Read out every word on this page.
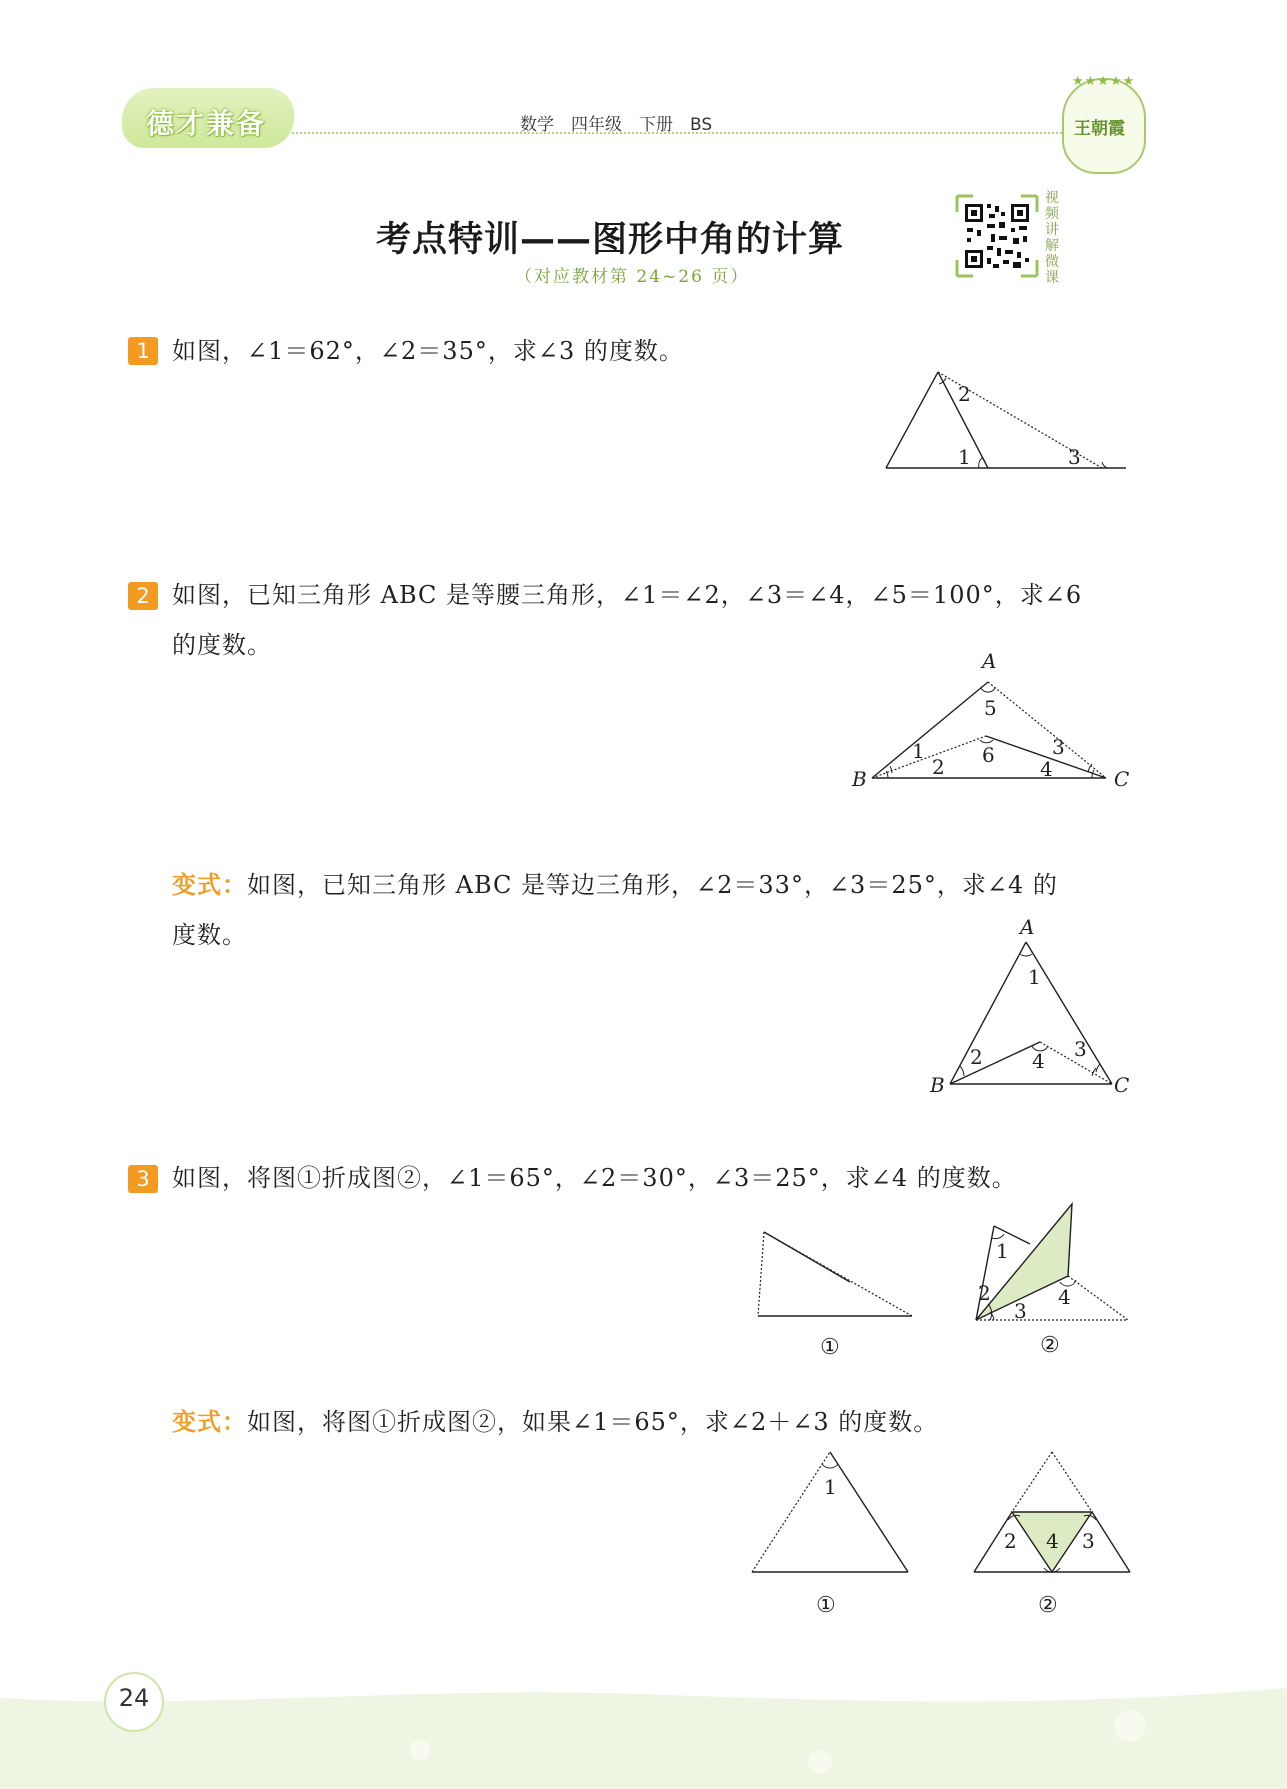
德才兼备	数学　四年级　下册　BS
★★★★★
王朝霞
考点特训——图形中角的计算
（对应教材第 24~26 页）
视频讲解微课
1 如图，∠1＝62°，∠2＝35°，求∠3 的度数。
2
1	3
2 如图，已知三角形 ABC 是等腰三角形，∠1＝∠2，∠3＝∠4，∠5＝100°，求∠6
的度数。
A
5
1	6	3
2	4
B	C
变式：如图，已知三角形 ABC 是等边三角形，∠2＝33°，∠3＝25°，求∠4 的
度数。	A
1
3
2 4
B	C
3 如图，将图①折成图②，∠1＝65°，∠2＝30°，∠3＝25°，求∠4 的度数。
①
1
2
3
4
②
变式：如图，将图①折成图②，如果∠1＝65°，求∠2＋∠3 的度数。
1
①
2 4 3
②
24
